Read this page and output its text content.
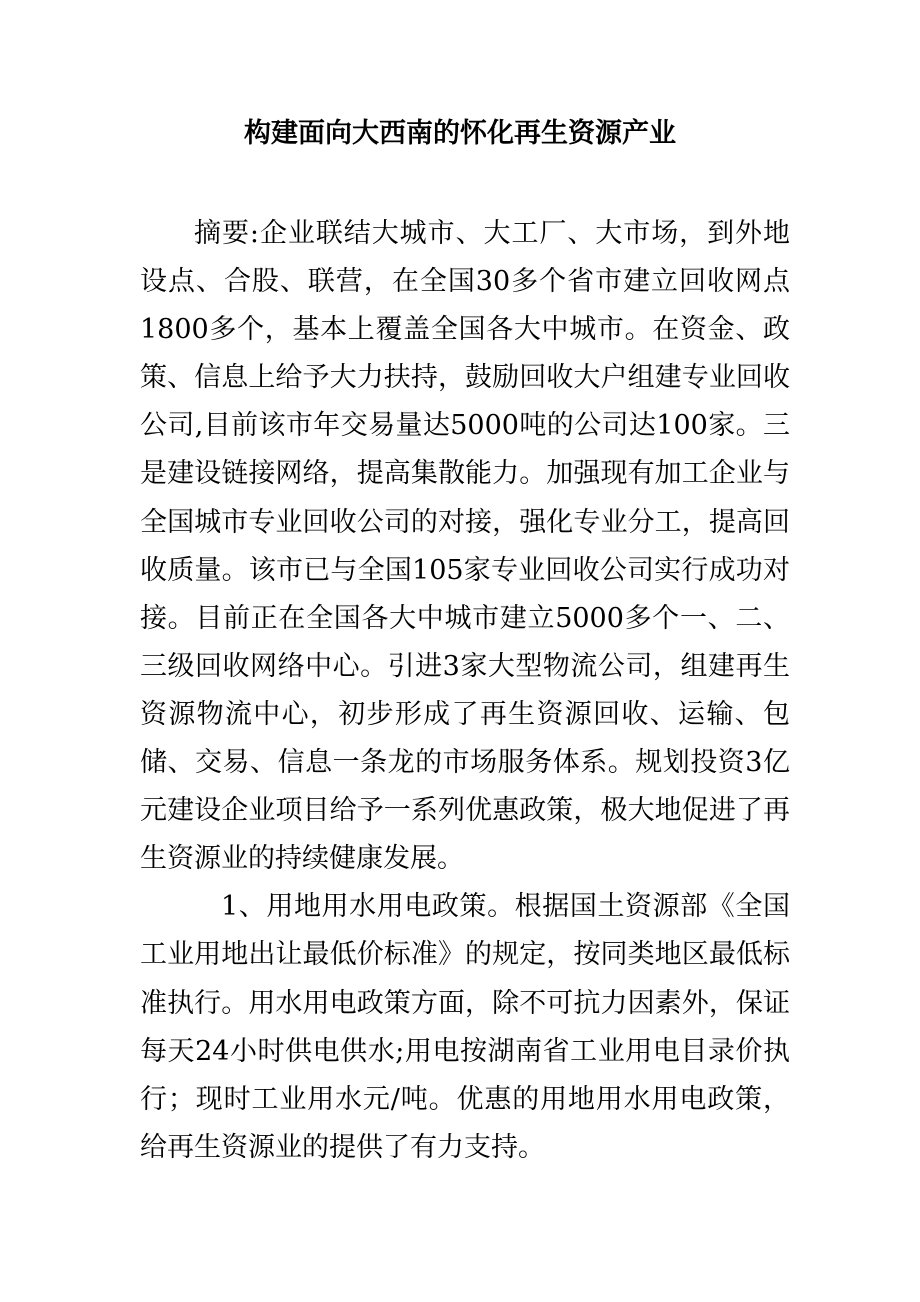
构建面向大西南的怀化再生资源产业

摘要:企业联结大城市、大工厂、大市场，到外地设点、合股、联营，在全国30多个省市建立回收网点1800多个，基本上覆盖全国各大中城市。在资金、政策、信息上给予大力扶持，鼓励回收大户组建专业回收公司,目前该市年交易量达5000吨的公司达100家。三是建设链接网络，提高集散能力。加强现有加工企业与全国城市专业回收公司的对接，强化专业分工，提高回收质量。该市已与全国105家专业回收公司实行成功对接。目前正在全国各大中城市建立5000多个一、二、三级回收网络中心。引进3家大型物流公司，组建再生资源物流中心，初步形成了再生资源回收、运输、包储、交易、信息一条龙的市场服务体系。规划投资3亿元建设企业项目给予一系列优惠政策，极大地促进了再生资源业的持续健康发展。

1、用地用水用电政策。根据国土资源部《全国工业用地出让最低价标准》的规定，按同类地区最低标准执行。用水用电政策方面，除不可抗力因素外，保证每天24小时供电供水;用电按湖南省工业用电目录价执行；现时工业用水元/吨。优惠的用地用水用电政策，给再生资源业的提供了有力支持。
